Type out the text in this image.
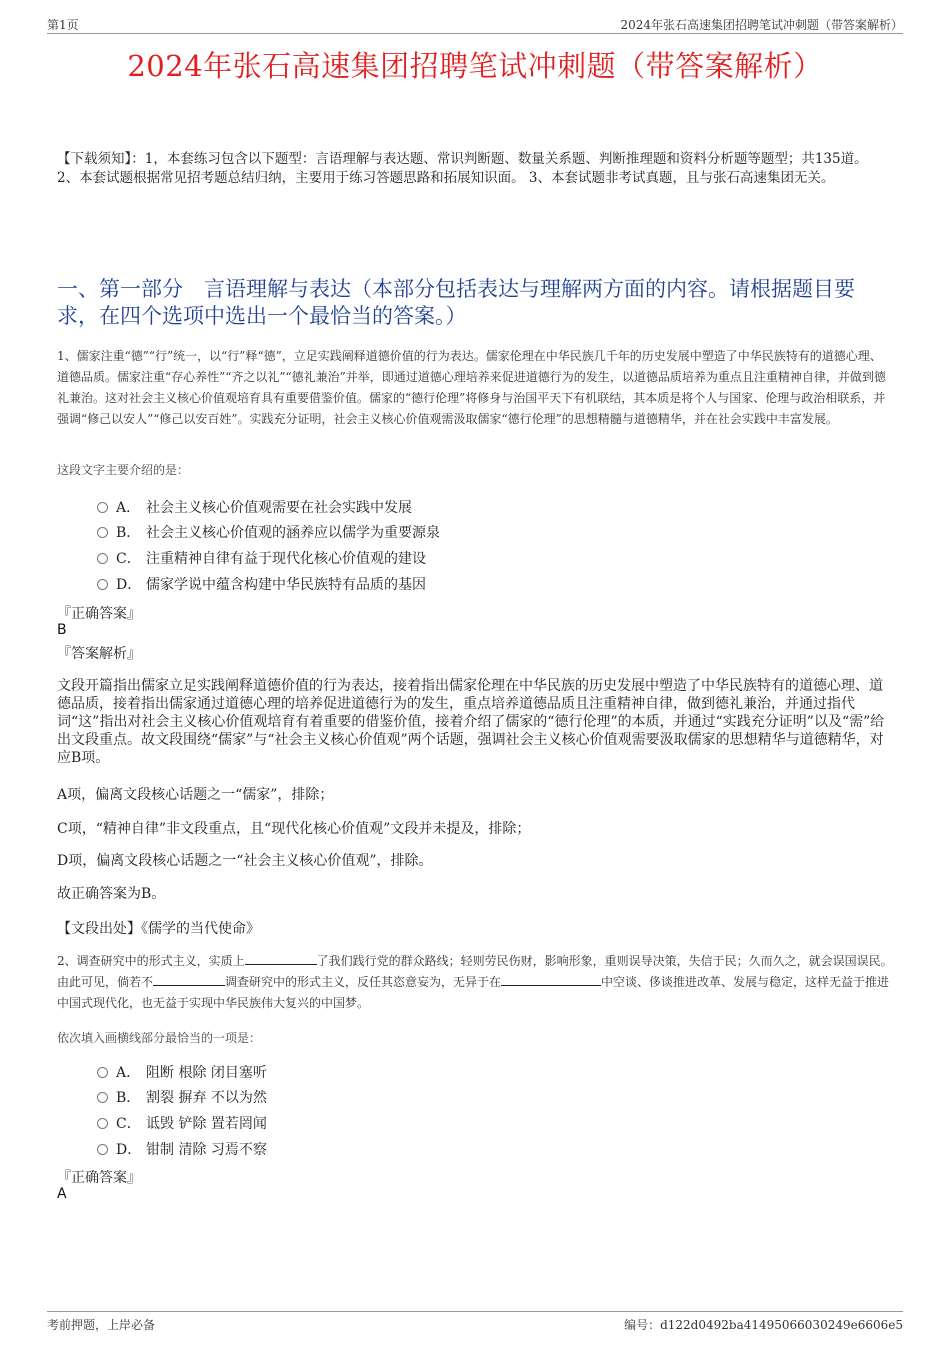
第1页	2024年张石高速集团招聘笔试冲刺题（带答案解析）
2024年张石高速集团招聘笔试冲刺题（带答案解析）
【下载须知】：1，本套练习包含以下题型：言语理解与表达题、常识判断题、数量关系题、判断推理题和资料分析题等题型；共135道。 2、本套试题根据常见招考题总结归纳，主要用于练习答题思路和拓展知识面。 3、本套试题非考试真题，且与张石高速集团无关。
一、第一部分　言语理解与表达（本部分包括表达与理解两方面的内容。请根据题目要求，在四个选项中选出一个最恰当的答案。）
1、儒家注重“德”“行”统一，以“行”释“德”，立足实践阐释道德价值的行为表达。儒家伦理在中华民族几千年的历史发展中塑造了中华民族特有的道德心理、道德品质。儒家注重“存心养性”“齐之以礼”“德礼兼治”并举，即通过道德心理培养来促进道德行为的发生，以道德品质培养为重点且注重精神自律，并做到德礼兼治。这对社会主义核心价值观培育具有重要借鉴价值。儒家的“德行伦理”将修身与治国平天下有机联结，其本质是将个人与国家、伦理与政治相联系，并强调“修己以安人”“修己以安百姓”。实践充分证明，社会主义核心价值观需汲取儒家“德行伦理”的思想精髓与道德精华，并在社会实践中丰富发展。
这段文字主要介绍的是：
A． 社会主义核心价值观需要在社会实践中发展
B． 社会主义核心价值观的涵养应以儒学为重要源泉
C． 注重精神自律有益于现代化核心价值观的建设
D． 儒家学说中蕴含构建中华民族特有品质的基因
『正确答案』
B
『答案解析』
文段开篇指出儒家立足实践阐释道德价值的行为表达，接着指出儒家伦理在中华民族的历史发展中塑造了中华民族特有的道德心理、道德品质，接着指出儒家通过道德心理的培养促进道德行为的发生，重点培养道德品质且注重精神自律，做到德礼兼治，并通过指代词“这”指出对社会主义核心价值观培育有着重要的借鉴价值，接着介绍了儒家的“德行伦理”的本质，并通过“实践充分证明”以及“需”给出文段重点。故文段围绕“儒家”与“社会主义核心价值观”两个话题，强调社会主义核心价值观需要汲取儒家的思想精华与道德精华，对应B项。
A项，偏离文段核心话题之一“儒家”，排除；
C项，“精神自律”非文段重点，且“现代化核心价值观”文段并未提及，排除；
D项，偏离文段核心话题之一“社会主义核心价值观”，排除。
故正确答案为B。
【文段出处】《儒学的当代使命》
2、调查研究中的形式主义，实质上	了我们践行党的群众路线；轻则劳民伤财，影响形象，重则误导决策，失信于民；久而久之，就会误国误民。由此可见，倘若不	调查研究中的形式主义，反任其恣意妄为，无异于在	中空谈、侈谈推进改革、发展与稳定，这样无益于推进中国式现代化，也无益于实现中华民族伟大复兴的中国梦。
依次填入画横线部分最恰当的一项是：
A． 阻断 根除 闭目塞听
B． 割裂 摒弃 不以为然
C． 诋毁 铲除 置若罔闻
D． 钳制 清除 习焉不察
『正确答案』
A
考前押题，上岸必备	编号：d122d0492ba41495066030249e6606e5
